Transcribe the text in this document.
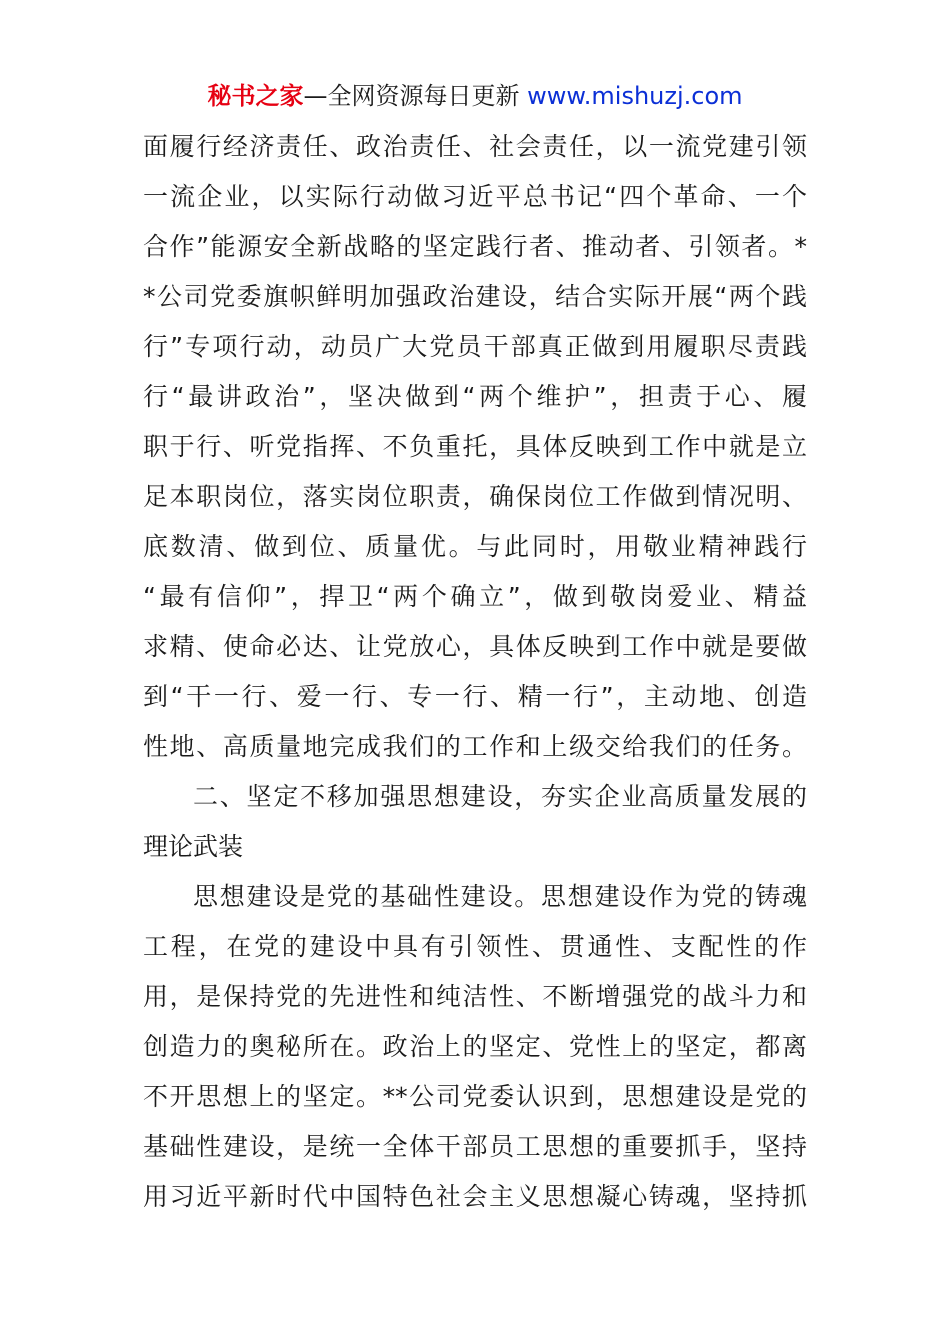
秘书之家—全网资源每日更新 www.mishuzj.com
面履行经济责任、政治责任、社会责任，以一流党建引领
一流企业，以实际行动做习近平总书记“四个革命、一个
合作”能源安全新战略的坚定践行者、推动者、引领者。*
*公司党委旗帜鲜明加强政治建设，结合实际开展“两个践
行”专项行动，动员广大党员干部真正做到用履职尽责践
行“最讲政治”，坚决做到“两个维护”，担责于心、履
职于行、听党指挥、不负重托，具体反映到工作中就是立
足本职岗位，落实岗位职责，确保岗位工作做到情况明、
底数清、做到位、质量优。与此同时，用敬业精神践行
“最有信仰”，捍卫“两个确立”，做到敬岗爱业、精益
求精、使命必达、让党放心，具体反映到工作中就是要做
到“干一行、爱一行、专一行、精一行”，主动地、创造
性地、高质量地完成我们的工作和上级交给我们的任务。
二、坚定不移加强思想建设，夯实企业高质量发展的
理论武装
思想建设是党的基础性建设。思想建设作为党的铸魂
工程，在党的建设中具有引领性、贯通性、支配性的作
用，是保持党的先进性和纯洁性、不断增强党的战斗力和
创造力的奥秘所在。政治上的坚定、党性上的坚定，都离
不开思想上的坚定。**公司党委认识到，思想建设是党的
基础性建设，是统一全体干部员工思想的重要抓手，坚持
用习近平新时代中国特色社会主义思想凝心铸魂，坚持抓
